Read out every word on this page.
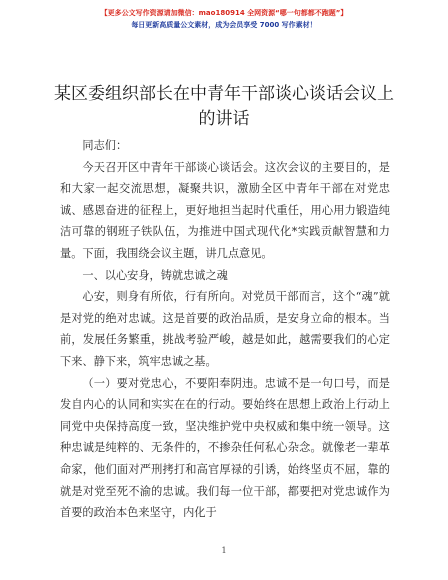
【更多公文写作资源请加微信：mao180914 全网资源“哪一句都都不跑题”】
每日更新高质量公文素材，成为会员享受 7000 写作素材！
某区委组织部长在中青年干部谈心谈话会议上的讲话

同志们：

今天召开区中青年干部谈心谈话会。这次会议的主要目的，是和大家一起交流思想，凝聚共识，激励全区中青年干部在对党忠诚、感恩奋进的征程上，更好地担当起时代重任，用心用力锻造纯洁可靠的钢班子铁队伍，为推进中国式现代化*实践贡献智慧和力量。下面，我围绕会议主题，讲几点意见。

一、以心安身，铸就忠诚之魂

心安，则身有所依，行有所向。对党员干部而言，这个“魂”就是对党的绝对忠诚。这是首要的政治品质，是安身立命的根本。当前，发展任务繁重，挑战考验严峻，越是如此，越需要我们的心定下来、静下来，筑牢忠诚之基。

（一）要对党忠心，不要阳奉阴违。忠诚不是一句口号，而是发自内心的认同和实实在在的行动。要始终在思想上政治上行动上同党中央保持高度一致，坚决维护党中央权威和集中统一领导。这种忠诚是纯粹的、无条件的，不掺杂任何私心杂念。就像老一辈革命家，他们面对严刑拷打和高官厚禄的引诱，始终坚贞不屈，靠的就是对党至死不渝的忠诚。我们每一位干部，都要把对党忠诚作为首要的政治本色来坚守，内化于

1
